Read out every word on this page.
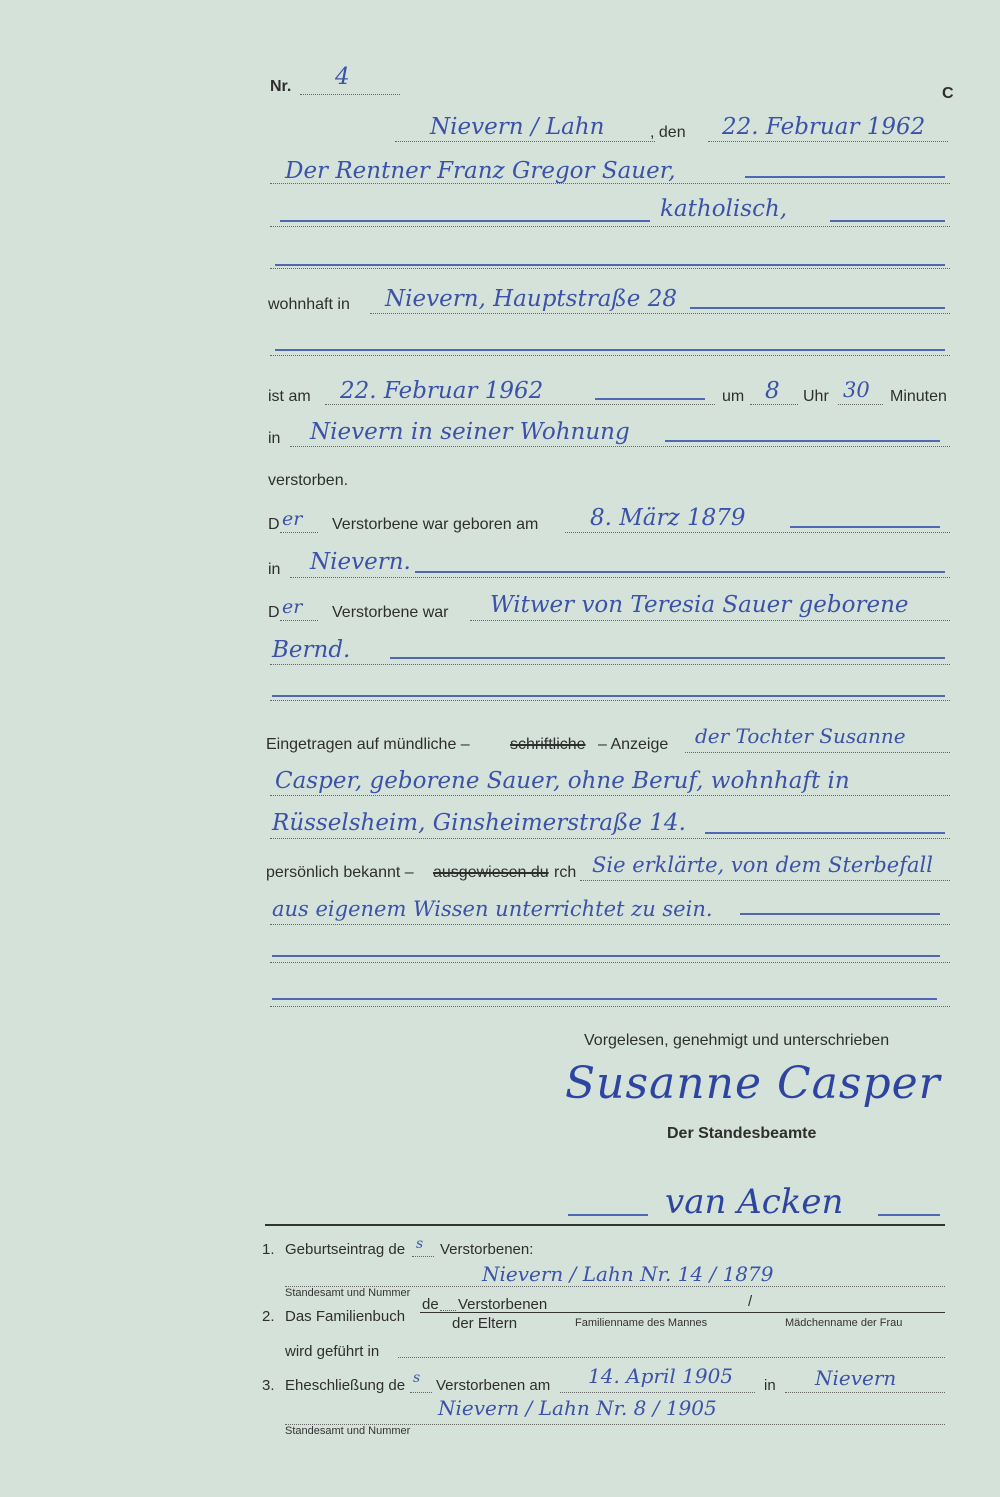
Nr. 4
C
Nievern / Lahn	, den 22. Februar 1962
Der Rentner Franz Gregor Sauer,
katholisch,
wohnhaft in Nievern, Hauptstraße 28
ist am 22. Februar 1962	um 8 Uhr 30 Minuten
in Nievern in seiner Wohnung
verstorben.
D er Verstorbene war geboren am 8. März 1879
in Nievern.
D er Verstorbene war Witwer von Teresia Sauer geborene
Bernd.
Eingetragen auf mündliche –	schriftliche – Anzeige der Tochter Susanne
Casper, geborene Sauer, ohne Beruf, wohnhaft in
Rüsselsheim, Ginsheimerstraße 14.
persönlich bekannt – ausgewiesen du rch Sie erklärte, von dem Sterbefall
aus eigenem Wissen unterrichtet zu sein.
Vorgelesen, genehmigt und unterschrieben
Susanne Casper
Der Standesbeamte
van Acken
1. Geburtseintrag de s Verstorbenen:
Nievern / Lahn Nr. 14 / 1879
Standesamt und Nummer
2. Das Familienbuch
de Verstorbenen
der Eltern	Familienname des Mannes
/
Mädchenname der Frau
wird geführt in
3. Eheschließung de s Verstorbenen am 14. April 1905 in Nievern
Nievern / Lahn Nr. 8 / 1905
Standesamt und Nummer
